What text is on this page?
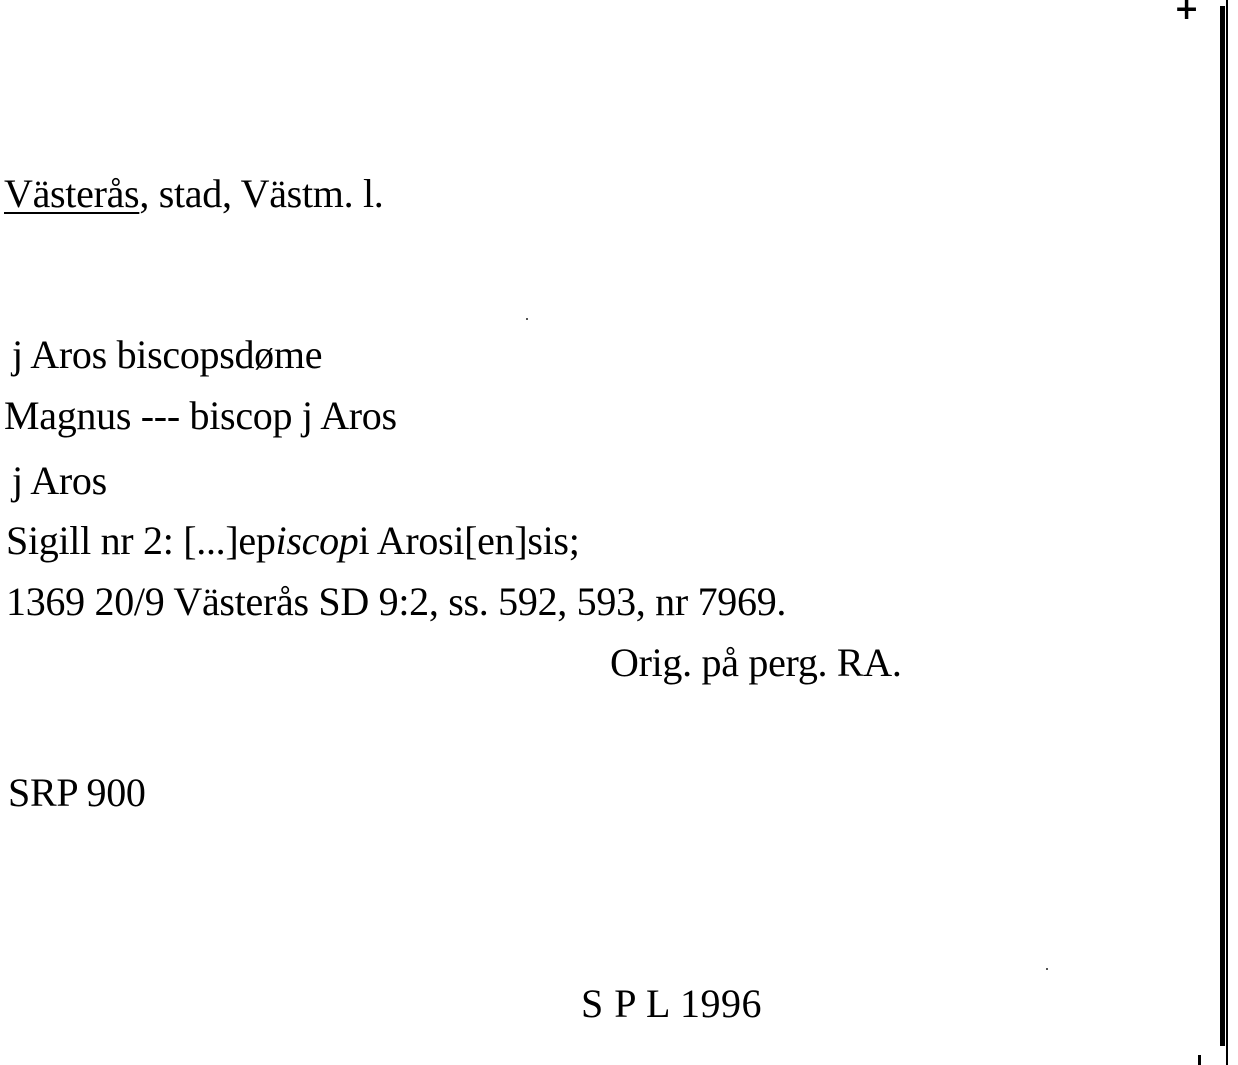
Västerås, stad, Västm. l.
j Aros biscopsdøme
Magnus --- biscop j Aros
j Aros
Sigill nr 2: [...]episcopi Arosi[en]sis;
1369 20/9 Västerås SD 9:2, ss. 592, 593, nr 7969.
Orig. på perg. RA.
SRP 900
S P L 1996
+
